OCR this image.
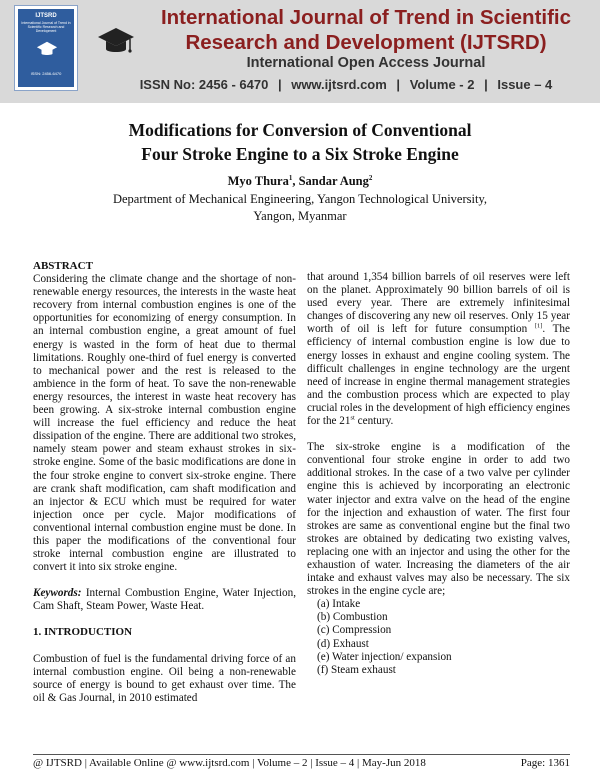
IJTSRD
International Journal of Trend in Scientific Research and Development
ISSN: 2456-6470
International Journal of Trend in Scientific
Research and Development (IJTSRD)
International Open Access Journal
ISSN No: 2456 - 6470 | www.ijtsrd.com | Volume - 2 | Issue – 4
Modifications for Conversion of Conventional
Four Stroke Engine to a Six Stroke Engine
Myo Thura$^1$, Sandar Aung$^2$
Department of Mechanical Engineering, Yangon Technological University,
Yangon, Myanmar

ABSTRACT

Considering the climate change and the shortage of non-renewable energy resources, the interests in the waste heat recovery from internal combustion engines is one of the opportunities for economizing of energy consumption. In an internal combustion engine, a great amount of fuel energy is wasted in the form of heat due to thermal limitations. Roughly one-third of fuel energy is converted to mechanical power and the rest is released to the ambience in the form of heat. To save the non-renewable energy resources, the interest in waste heat recovery has been growing. A six-stroke internal combustion engine will increase the fuel efficiency and reduce the heat dissipation of the engine. There are additional two strokes, namely steam power and steam exhaust strokes in six-stroke engine. Some of the basic modifications are done in the four stroke engine to convert six-stroke engine. There are crank shaft modification, cam shaft modification and an injector & ECU which must be required for water injection once per cycle. Major modifications of conventional internal combustion engine must be done. In this paper the modifications of the conventional four stroke internal combustion engine are illustrated to convert it into six stroke engine.

Keywords: Internal Combustion Engine, Water Injection, Cam Shaft, Steam Power, Waste Heat.

1. INTRODUCTION

Combustion of fuel is the fundamental driving force of an internal combustion engine. Oil being a non-renewable source of energy is bound to get exhaust over time. The oil & Gas Journal, in 2010 estimated

that around 1,354 billion barrels of oil reserves were left on the planet. Approximately 90 billion barrels of oil is used every year. There are extremely infinitesimal changes of discovering any new oil reserves. Only 15 year worth of oil is left for future consumption [1]. The efficiency of internal combustion engine is low due to energy losses in exhaust and engine cooling system. The difficult challenges in engine technology are the urgent need of increase in engine thermal management strategies and the combustion process which are expected to play crucial roles in the development of high efficiency engines for the 21st century.

The six-stroke engine is a modification of the conventional four stroke engine in order to add two additional strokes. In the case of a two valve per cylinder engine this is achieved by incorporating an electronic water injector and extra valve on the head of the engine for the injection and exhaustion of water. The first four strokes are same as conventional engine but the final two strokes are obtained by dedicating two existing valves, replacing one with an injector and using the other for the exhaustion of water. Increasing the diameters of the air intake and exhaust valves may also be necessary. The six strokes in the engine cycle are;

(a) Intake
(b) Combustion
(c) Compression
(d) Exhaust
(e) Water injection/ expansion
(f) Steam exhaust
@ IJTSRD | Available Online @ www.ijtsrd.com | Volume – 2 | Issue – 4 | May-Jun 2018	Page: 1361
